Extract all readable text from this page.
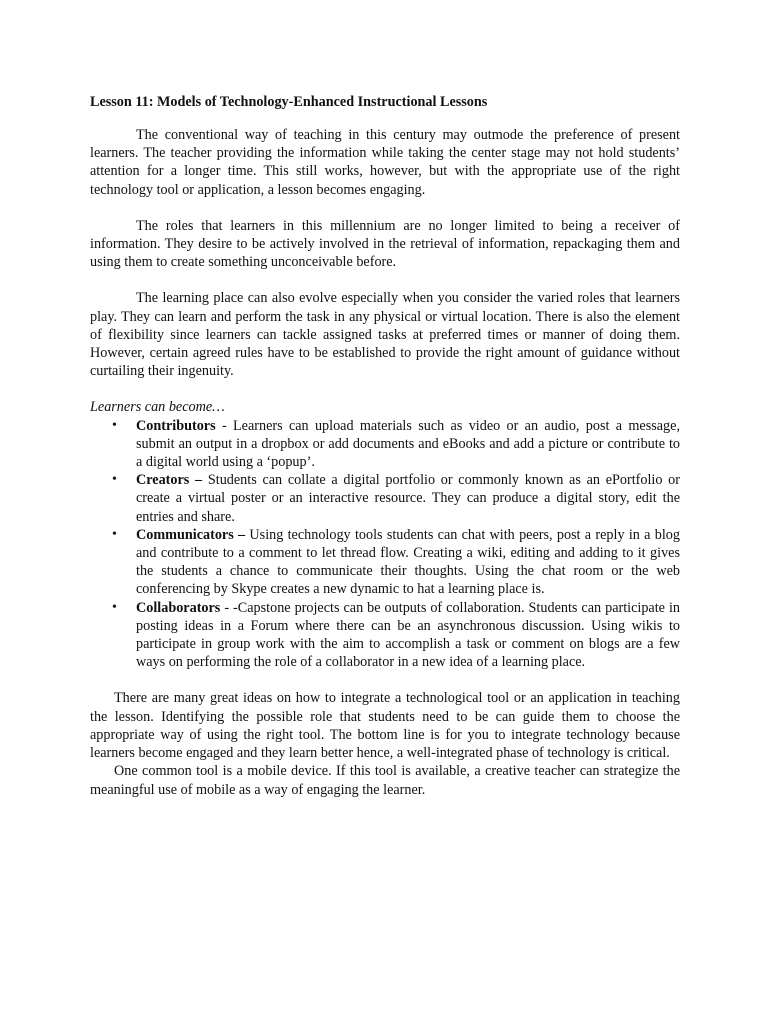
Lesson 11: Models of Technology-Enhanced Instructional Lessons

The conventional way of teaching in this century may outmode the preference of present learners. The teacher providing the information while taking the center stage may not hold students’ attention for a longer time. This still works, however, but with the appropriate use of the right technology tool or application, a lesson becomes engaging.

The roles that learners in this millennium are no longer limited to being a receiver of information. They desire to be actively involved in the retrieval of information, repackaging them and using them to create something unconceivable before.

The learning place can also evolve especially when you consider the varied roles that learners play. They can learn and perform the task in any physical or virtual location. There is also the element of flexibility since learners can tackle assigned tasks at preferred times or manner of doing them. However, certain agreed rules have to be established to provide the right amount of guidance without curtailing their ingenuity.

Learners can become…
• Contributors - Learners can upload materials such as video or an audio, post a message, submit an output in a dropbox or add documents and eBooks and add a picture or contribute to a digital world using a ‘popup’.
• Creators – Students can collate a digital portfolio or commonly known as an ePortfolio or create a virtual poster or an interactive resource. They can produce a digital story, edit the entries and share.
• Communicators – Using technology tools students can chat with peers, post a reply in a blog and contribute to a comment to let thread flow. Creating a wiki, editing and adding to it gives the students a chance to communicate their thoughts. Using the chat room or the web conferencing by Skype creates a new dynamic to hat a learning place is.
• Collaborators - -Capstone projects can be outputs of collaboration. Students can participate in posting ideas in a Forum where there can be an asynchronous discussion. Using wikis to participate in group work with the aim to accomplish a task or comment on blogs are a few ways on performing the role of a collaborator in a new idea of a learning place.

There are many great ideas on how to integrate a technological tool or an application in teaching the lesson. Identifying the possible role that students need to be can guide them to choose the appropriate way of using the right tool. The bottom line is for you to integrate technology because learners become engaged and they learn better hence, a well-integrated phase of technology is critical.

One common tool is a mobile device. If this tool is available, a creative teacher can strategize the meaningful use of mobile as a way of engaging the learner.
